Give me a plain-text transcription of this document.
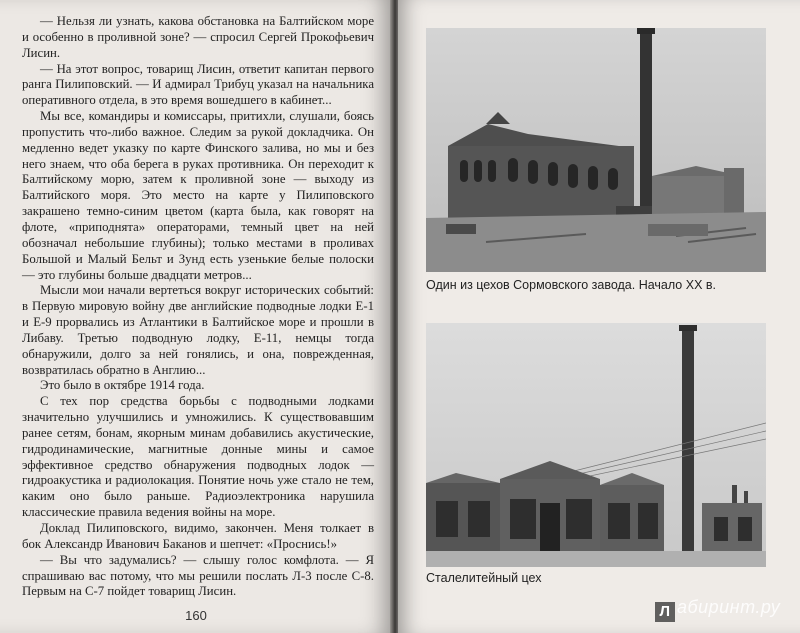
— Нельзя ли узнать, какова обстановка на Балтийском море и особенно в проливной зоне? — спросил Сергей Прокофьевич Лисин.

— На этот вопрос, товарищ Лисин, ответит капитан первого ранга Пилиповский. — И адмирал Трибуц указал на начальника оперативного отдела, в это время вошедшего в кабинет...

Мы все, командиры и комиссары, притихли, слушали, боясь пропустить что-либо важное. Следим за рукой докладчика. Он медленно ведет указку по карте Финского залива, но мы и без него знаем, что оба берега в руках противника. Он переходит к Балтийскому морю, затем к проливной зоне — выходу из Балтийского моря. Это место на карте у Пилиповского закрашено темно-синим цветом (карта была, как говорят на флоте, «приподнята» операторами, темный цвет на ней обозначал небольшие глубины); только местами в проливах Большой и Малый Бельт и Зунд есть узенькие белые полоски — это глубины больше двадцати метров...

Мысли мои начали вертеться вокруг исторических событий: в Первую мировую войну две английские подводные лодки Е-1 и Е-9 прорвались из Атлантики в Балтийское море и прошли в Либаву. Третью подводную лодку, Е-11, немцы тогда обнаружили, долго за ней гонялись, и она, поврежденная, возвратилась обратно в Англию...

Это было в октябре 1914 года.

С тех пор средства борьбы с подводными лодками значительно улучшились и умножились. К существовавшим ранее сетям, бонам, якорным минам добавились акустические, гидродинамические, магнитные донные мины и самое эффективное средство обнаружения подводных лодок — гидроакустика и радиолокация. Понятие ночь уже стало не тем, каким оно было раньше. Радиоэлектроника нарушила классические правила ведения войны на море.

Доклад Пилиповского, видимо, закончен. Меня толкает в бок Александр Иванович Баканов и шепчет: «Проснись!»

— Вы что задумались? — слышу голос комфлота. — Я спрашиваю вас потому, что мы решили послать Л-3 после С-8. Первым на С-7 пойдет товарищ Лисин.

160
Один из цехов Сормовского завода. Начало XX в.
Сталелитейный цех
Л абиринт.ру
